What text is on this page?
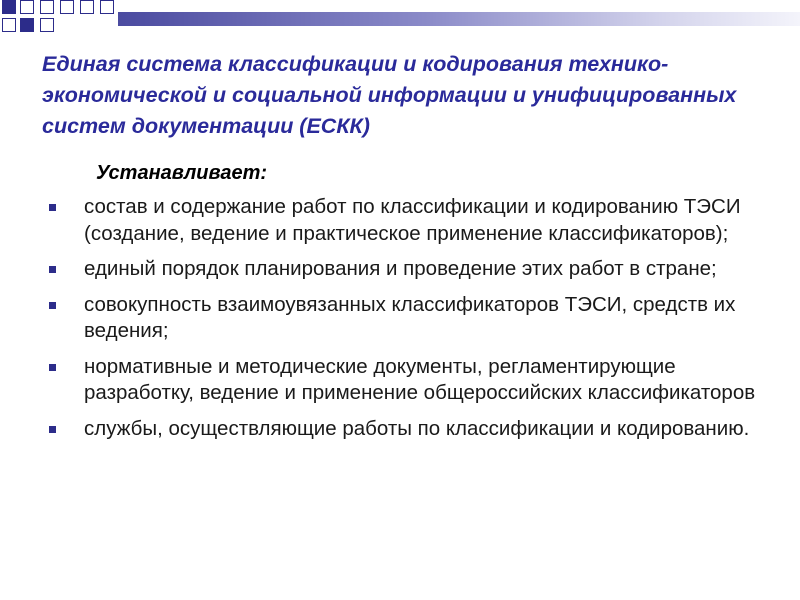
Единая система классификации и кодирования технико-экономической и социальной информации и унифицированных систем документации (ЕСКК)
Устанавливает:
состав и содержание работ по классификации и кодированию ТЭСИ (создание, ведение и практическое применение классификаторов);
единый порядок планирования и проведение этих работ в стране;
совокупность взаимоувязанных классификаторов ТЭСИ, средств их ведения;
нормативные и методические документы, регламентирующие разработку, ведение и применение общероссийских классификаторов
службы, осуществляющие работы по классификации и кодированию.
